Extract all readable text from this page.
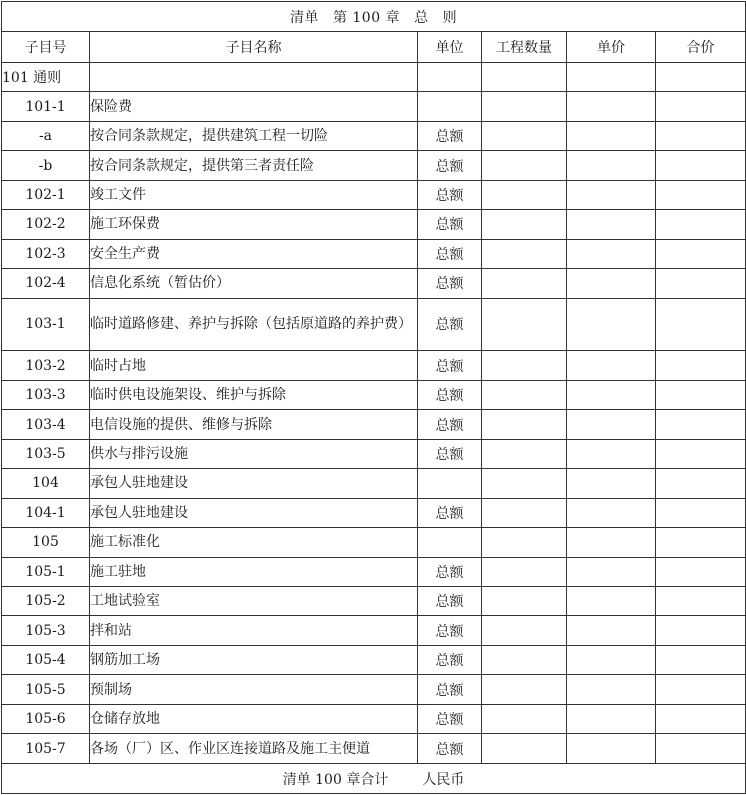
清单 第 100 章 总 则					
子目号	子目名称	单位	工程数量	单价	合价
101 通则					
101-1	保险费				
-a	按合同条款规定，提供建筑工程一切险	总额			
-b	按合同条款规定，提供第三者责任险	总额			
102-1	竣工文件	总额			
102-2	施工环保费	总额			
102-3	安全生产费	总额			
102-4	信息化系统（暂估价）	总额			
103-1	临时道路修建、养护与拆除（包括原道路的养护费）	总额			
103-2	临时占地	总额			
103-3	临时供电设施架设、维护与拆除	总额			
103-4	电信设施的提供、维修与拆除	总额			
103-5	供水与排污设施	总额			
104	承包人驻地建设				
104-1	承包人驻地建设	总额			
105	施工标准化				
105-1	施工驻地	总额			
105-2	工地试验室	总额			
105-3	拌和站	总额			
105-4	钢筋加工场	总额			
105-5	预制场	总额			
105-6	仓储存放地	总额			
105-7	各场（厂）区、作业区连接道路及施工主便道	总额			
清单 100 章合计 人民币					
